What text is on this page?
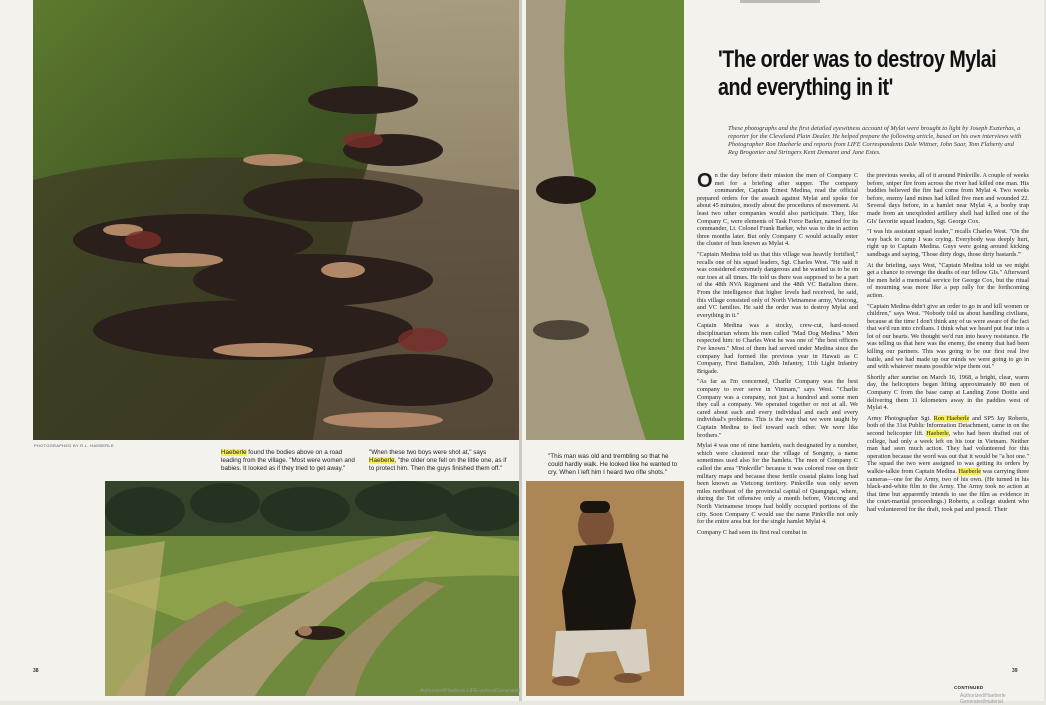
PHOTOGRAPHED BY R.L. HAEBERLE
Haeberle found the bodies above on a road leading from the village. "Most were women and babies. It looked as if they tried to get away."
"When these two boys were shot at," says Haeberle, "the older one fell on the little one, as if to protect him. Then the guys finished them off."
38
"This man was old and trembling so that he could hardly walk. He looked like he wanted to cry. When I left him I heard two rifle shots."
'The order was to destroy Mylai and everything in it'
These photographs and the first detailed eyewitness account of Mylai were brought to light by Joseph Eszterhas, a reporter for the Cleveland Plain Dealer. He helped prepare the following article, based on his own interviews with Photographer Ron Haeberle and reports from LIFE Correspondents Dale Wittner, John Saar, Tom Flaherty and Reg Brogonier and Stringers Kent Demaret and Jane Estes.

On the day before their mission the men of Company C met for a briefing after supper. The company commander, Captain Ernest Medina, read the official prepared orders for the assault against Mylai and spoke for about 45 minutes, mostly about the procedures of movement. At least two other companies would also participate. They, like Company C, were elements of Task Force Barker, named for its commander, Lt. Colonel Frank Barker, who was to die in action three months later. But only Company C would actually enter the cluster of huts known as Mylai 4.

"Captain Medina told us that this village was heavily fortified," recalls one of his squad leaders, Sgt. Charles West. "He said it was considered extremely dangerous and he wanted us to be on our toes at all times. He told us there was supposed to be a part of the 48th NVA Regiment and the 48th VC Battalion there. From the intelligence that higher levels had received, he said, this village consisted only of North Vietnamese army, Vietcong, and VC families. He said the order was to destroy Mylai and everything in it."

Captain Medina was a stocky, crew-cut, hard-nosed disciplinarian whom his men called "Mad Dog Medina." Men respected him: to Charles West he was one of "the best officers I've known." Most of them had served under Medina since the company had formed the previous year in Hawaii as C Company, First Battalion, 20th Infantry, 11th Light Infantry Brigade.

"As far as I'm concerned, Charlie Company was the best company to ever serve in Vietnam," says West. "Charlie Company was a company, not just a hundred and some men they call a company. We operated together or not at all. We cared about each and every individual and each and every individual's problems. This is the way that we were taught by Captain Medina to feel toward each other. We were like brothers."

Mylai 4 was one of nine hamlets, each designated by a number, which were clustered near the village of Songmy, a name sometimes used also for the hamlets. The men of Company C called the area "Pinkville" because it was colored rose on their military maps and because these fertile coastal plains long had been known as Vietcong territory. Pinkville was only seven miles northeast of the provincial capital of Quangngai, where, during the Tet offensive only a month before, Vietcong and North Vietnamese troops had boldly occupied portions of the city. Soon Company C would use the name Pinkville not only for the entire area but for the single hamlet Mylai 4.

Company C had seen its first real combat in

the previous weeks, all of it around Pinkville. A couple of weeks before, sniper fire from across the river had killed one man. His buddies believed the fire had come from Mylai 4. Two weeks before, enemy land mines had killed five men and wounded 22. Several days before, in a hamlet near Mylai 4, a booby trap made from an unexploded artillery shell had killed one of the GIs' favorite squad leaders, Sgt. George Cox.

"I was his assistant squad leader," recalls Charles West. "On the way back to camp I was crying. Everybody was deeply hurt, right up to Captain Medina. Guys were going around kicking sandbags and saying, 'Those dirty dogs, those dirty bastards.'"

At the briefing, says West, "Captain Medina told us we might get a chance to revenge the deaths of our fellow GIs." Afterward the men held a memorial service for George Cox, but the ritual of mourning was more like a pep rally for the forthcoming action.

"Captain Medina didn't give an order to go in and kill women or children," says West. "Nobody told us about handling civilians, because at the time I don't think any of us were aware of the fact that we'd run into civilians. I think what we heard put fear into a lot of our hearts. We thought we'd run into heavy resistance. He was telling us that here was the enemy, the enemy that had been killing our partners. This was going to be our first real live battle, and we had made up our minds we were going to go in and with whatever means possible wipe them out."

Shortly after sunrise on March 16, 1968, a bright, clear, warm day, the helicopters began lifting approximately 80 men of Company C from the base camp at Landing Zone Dottie and delivering them 11 kilometers away in the paddies west of Mylai 4.

Army Photographer Sgt. Ron Haeberle and SP5 Jay Roberts, both of the 31st Public Information Detachment, came in on the second helicopter lift. Haeberle, who had been drafted out of college, had only a week left on his tour in Vietnam. Neither man had seen much action. They had volunteered for this operation because the word was out that it would be "a hot one." The squad the two were assigned to was getting its orders by walkie-talkie from Captain Medina. Haeberle was carrying three cameras—one for the Army, two of his own. (He turned in his black-and-white film to the Army. The Army took no action at that time but apparently intends to use the film as evidence in the court-martial proceedings.) Roberts, a college student who had volunteered for the draft, took pad and pencil. Their

CONTINUED
39
Authorized/Haeberle LIFE-vertical/Generated
Authorized/Haeberle Generated/material
